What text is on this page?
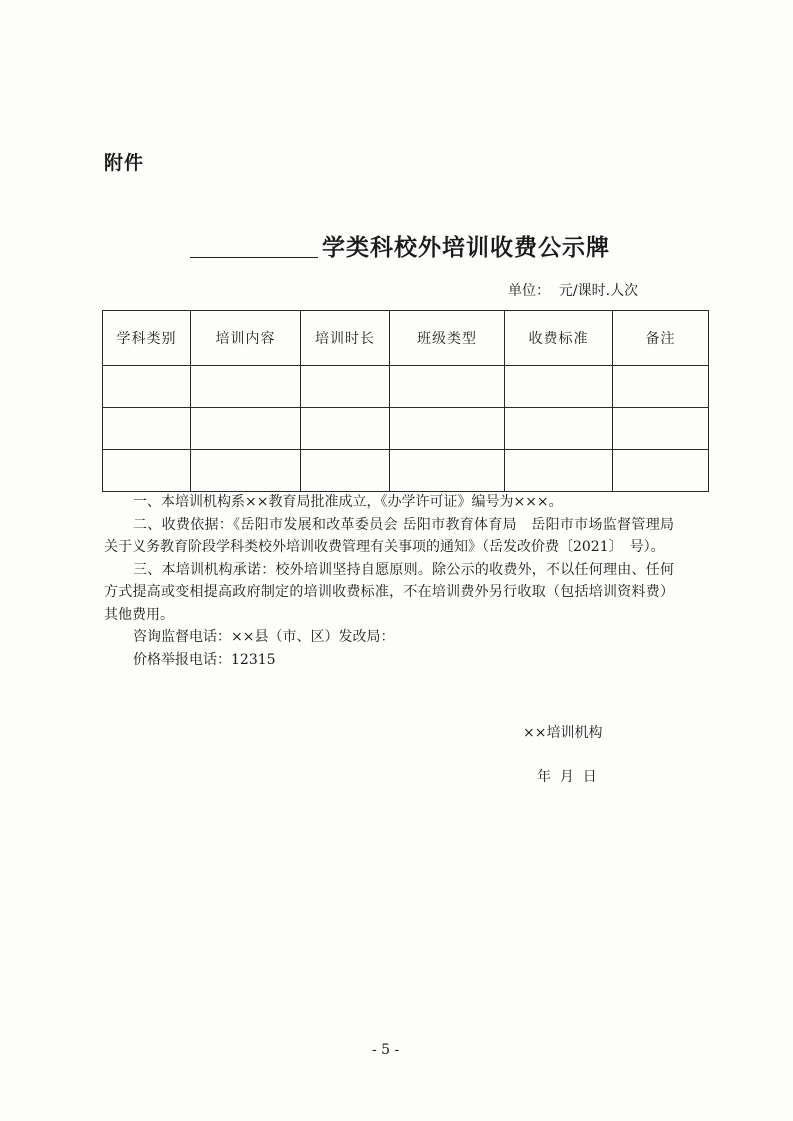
附件
学类科校外培训收费公示牌
单位：  元/课时.人次
学科类别	培训内容	培训时长	班级类型	收费标准	备注

一、本培训机构系××教育局批准成立，《办学许可证》编号为×××。

二、收费依据：《岳阳市发展和改革委员会 岳阳市教育体育局　岳阳市市场监督管理局关于义务教育阶段学科类校外培训收费管理有关事项的通知》（岳发改价费〔2021〕　号）。

三、本培训机构承诺：校外培训坚持自愿原则。除公示的收费外，不以任何理由、任何方式提高或变相提高政府制定的培训收费标准，不在培训费外另行收取（包括培训资料费）其他费用。

咨询监督电话：××县（市、区）发改局：

价格举报电话：12315

××培训机构
年  月  日
- 5 -
